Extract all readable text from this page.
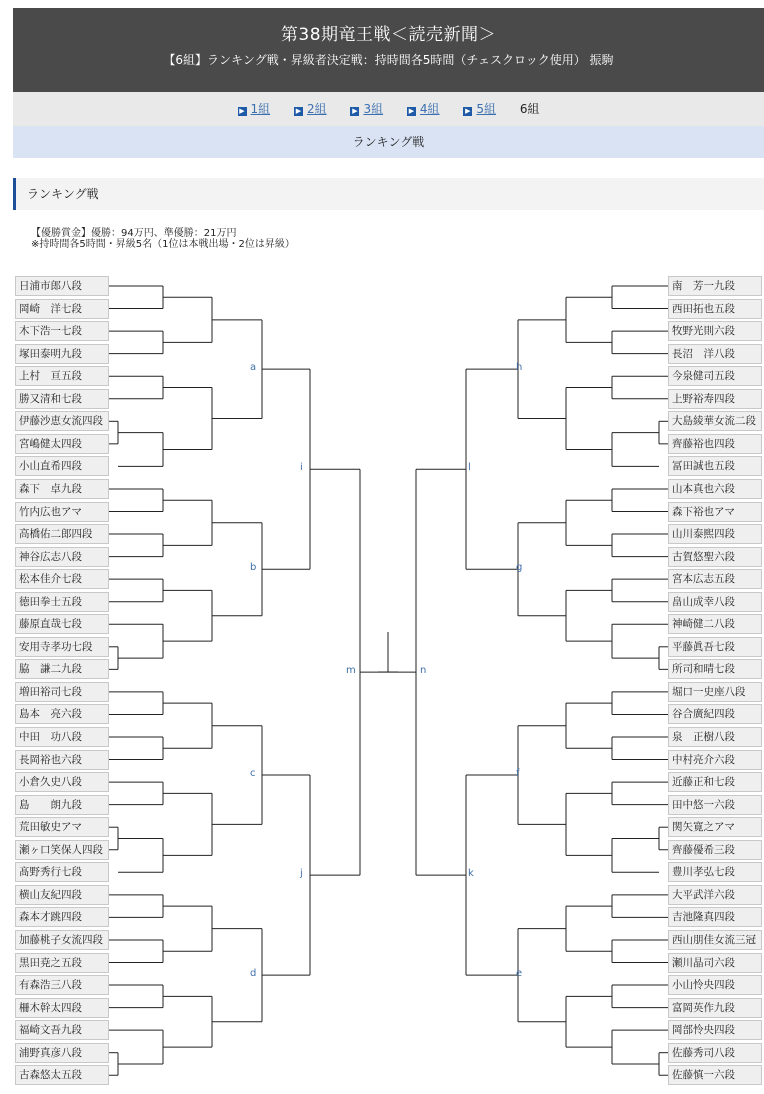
第38期竜王戦＜読売新聞＞
【6組】ランキング戦・昇級者決定戦：持時間各5時間（チェスクロック使用） 振駒
▶ 1組	▶ 2組	▶ 3組	▶ 4組	▶ 5組 6組
ランキング戦
ランキング戦
【優勝賞金】優勝：94万円、準優勝：21万円
※持時間各5時間・昇級5名（1位は本戦出場・2位は昇級）
日浦市郎八段
岡崎　洋七段
木下浩一七段
塚田泰明九段
上村　亘五段
勝又清和七段
伊藤沙恵女流四段
宮嶋健太四段
小山直希四段
森下　卓九段
竹内広也アマ
高橋佑二郎四段
神谷広志八段
松本佳介七段
徳田拳士五段
藤原直哉七段
安用寺孝功七段
脇　謙二九段
増田裕司七段
島本　亮六段
中田　功八段
長岡裕也六段
小倉久史八段
島　　朗九段
荒田敏史アマ
瀬ヶ口笑保人四段
髙野秀行七段
横山友紀四段
森本才跳四段
加藤桃子女流四段
黒田尭之五段
有森浩三八段
柵木幹太四段
福崎文吾九段
浦野真彦八段
古森悠太五段
南　芳一九段
西田拓也五段
牧野光則六段
長沼　洋八段
今泉健司五段
上野裕寿四段
大島綾華女流二段
齊藤裕也四段
冨田誠也五段
山本真也六段
森下裕也アマ
山川泰熙四段
古賀悠聖六段
宮本広志五段
畠山成幸八段
神崎健二八段
平藤眞吾七段
所司和晴七段
堀口一史座八段
谷合廣紀四段
泉　正樹八段
中村亮介六段
近藤正和七段
田中悠一六段
関矢寛之アマ
齊藤優希三段
豊川孝弘七段
大平武洋六段
吉池隆真四段
西山朋佳女流三冠
瀬川晶司六段
小山怜央四段
富岡英作九段
岡部怜央四段
佐藤秀司八段
佐藤慎一六段
a
b
c
d
i
j
m
h
g
f
e
l
k
n
